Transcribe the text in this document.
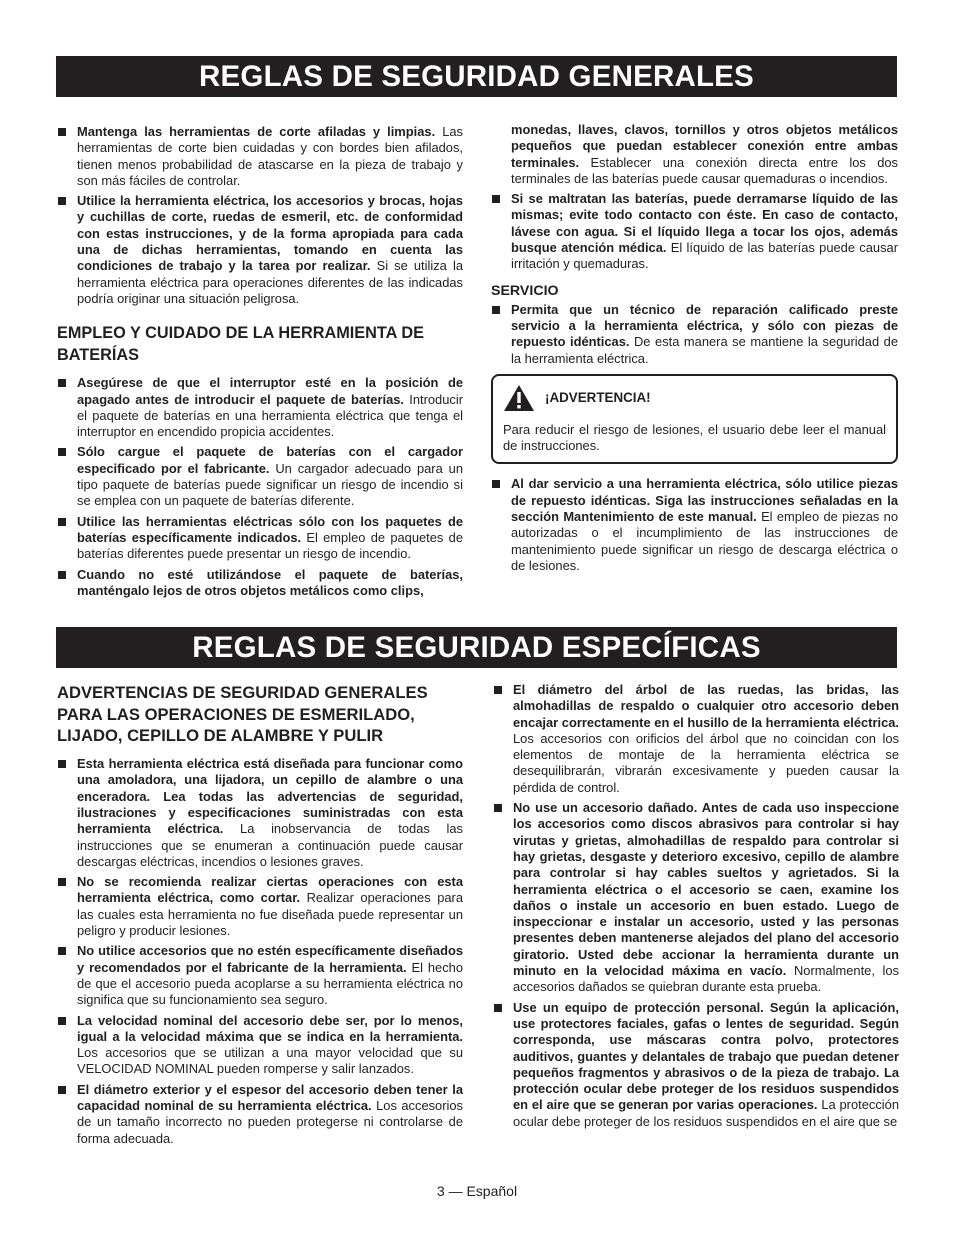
REGLAS DE SEGURIDAD GENERALES

Mantenga las herramientas de corte afiladas y limpias. Las herramientas de corte bien cuidadas y con bordes bien afilados, tienen menos probabilidad de atascarse en la pieza de trabajo y son más fáciles de controlar.

Utilice la herramienta eléctrica, los accesorios y brocas, hojas y cuchillas de corte, ruedas de esmeril, etc. de conformidad con estas instrucciones, y de la forma apropiada para cada una de dichas herramientas, tomando en cuenta las condiciones de trabajo y la tarea por realizar. Si se utiliza la herramienta eléctrica para operaciones diferentes de las indicadas podría originar una situación peligrosa.

EMPLEO Y CUIDADO DE LA HERRAMIENTA DE BATERÍAS

Asegúrese de que el interruptor esté en la posición de apagado antes de introducir el paquete de baterías. Introducir el paquete de baterías en una herramienta eléctrica que tenga el interruptor en encendido propicia accidentes.

Sólo cargue el paquete de baterías con el cargador especificado por el fabricante. Un cargador adecuado para un tipo paquete de baterías puede significar un riesgo de incendio si se emplea con un paquete de baterías diferente.

Utilice las herramientas eléctricas sólo con los paquetes de baterías específicamente indicados. El empleo de paquetes de baterías diferentes puede presentar un riesgo de incendio.

Cuando no esté utilizándose el paquete de baterías, manténgalo lejos de otros objetos metálicos como clips,

monedas, llaves, clavos, tornillos y otros objetos metálicos pequeños que puedan establecer conexión entre ambas terminales. Establecer una conexión directa entre los dos terminales de las baterías puede causar quemaduras o incendios.

Si se maltratan las baterías, puede derramarse líquido de las mismas; evite todo contacto con éste. En caso de contacto, lávese con agua. Si el líquido llega a tocar los ojos, además busque atención médica. El líquido de las baterías puede causar irritación y quemaduras.

SERVICIO

Permita que un técnico de reparación calificado preste servicio a la herramienta eléctrica, y sólo con piezas de repuesto idénticas. De esta manera se mantiene la seguridad de la herramienta eléctrica.

¡ADVERTENCIA!
Para reducir el riesgo de lesiones, el usuario debe leer el manual de instrucciones.

Al dar servicio a una herramienta eléctrica, sólo utilice piezas de repuesto idénticas. Siga las instrucciones señaladas en la sección Mantenimiento de este manual. El empleo de piezas no autorizadas o el incumplimiento de las instrucciones de mantenimiento puede significar un riesgo de descarga eléctrica o de lesiones.

REGLAS DE SEGURIDAD ESPECÍFICAS
ADVERTENCIAS DE SEGURIDAD GENERALES PARA LAS OPERACIONES DE ESMERILADO, LIJADO, CEPILLO DE ALAMBRE Y PULIR

Esta herramienta eléctrica está diseñada para funcionar como una amoladora, una lijadora, un cepillo de alambre o una enceradora. Lea todas las advertencias de seguridad, ilustraciones y especificaciones suministradas con esta herramienta eléctrica. La inobservancia de todas las instrucciones que se enumeran a continuación puede causar descargas eléctricas, incendios o lesiones graves.

No se recomienda realizar ciertas operaciones con esta herramienta eléctrica, como cortar. Realizar operaciones para las cuales esta herramienta no fue diseñada puede representar un peligro y producir lesiones.

No utilice accesorios que no estén específicamente diseñados y recomendados por el fabricante de la herramienta. El hecho de que el accesorio pueda acoplarse a su herramienta eléctrica no significa que su funcionamiento sea seguro.

La velocidad nominal del accesorio debe ser, por lo menos, igual a la velocidad máxima que se indica en la herramienta. Los accesorios que se utilizan a una mayor velocidad que su VELOCIDAD NOMINAL pueden romperse y salir lanzados.

El diámetro exterior y el espesor del accesorio deben tener la capacidad nominal de su herramienta eléctrica. Los accesorios de un tamaño incorrecto no pueden protegerse ni controlarse de forma adecuada.

El diámetro del árbol de las ruedas, las bridas, las almohadillas de respaldo o cualquier otro accesorio deben encajar correctamente en el husillo de la herramienta eléctrica. Los accesorios con orificios del árbol que no coincidan con los elementos de montaje de la herramienta eléctrica se desequilibrarán, vibrarán excesivamente y pueden causar la pérdida de control.

No use un accesorio dañado. Antes de cada uso inspeccione los accesorios como discos abrasivos para controlar si hay virutas y grietas, almohadillas de respaldo para controlar si hay grietas, desgaste y deterioro excesivo, cepillo de alambre para controlar si hay cables sueltos y agrietados. Si la herramienta eléctrica o el accesorio se caen, examine los daños o instale un accesorio en buen estado. Luego de inspeccionar e instalar un accesorio, usted y las personas presentes deben mantenerse alejados del plano del accesorio giratorio. Usted debe accionar la herramienta durante un minuto en la velocidad máxima en vacío. Normalmente, los accesorios dañados se quiebran durante esta prueba.

Use un equipo de protección personal. Según la aplicación, use protectores faciales, gafas o lentes de seguridad. Según corresponda, use máscaras contra polvo, protectores auditivos, guantes y delantales de trabajo que puedan detener pequeños fragmentos y abrasivos o de la pieza de trabajo. La protección ocular debe proteger de los residuos suspendidos en el aire que se generan por varias operaciones. La protección ocular debe proteger de los residuos suspendidos en el aire que se

3 — Español
